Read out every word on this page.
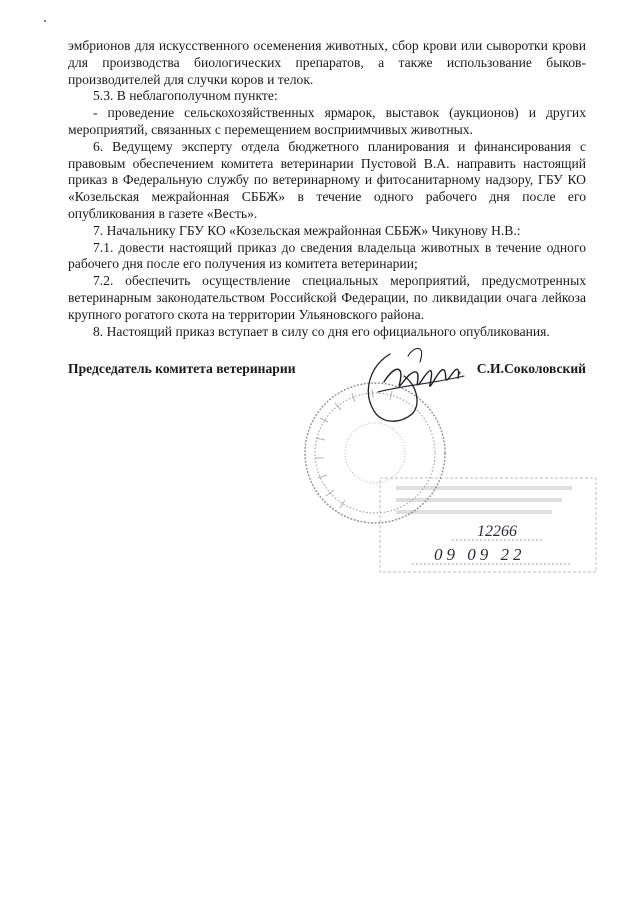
эмбрионов для искусственного осеменения животных, сбор крови или сыворотки крови для производства биологических препаратов, а также использование быков-производителей для случки коров и телок.

5.3. В неблагополучном пункте:

- проведение сельскохозяйственных ярмарок, выставок (аукционов) и других мероприятий, связанных с перемещением восприимчивых животных.

6. Ведущему эксперту отдела бюджетного планирования и финансирования с правовым обеспечением комитета ветеринарии Пустовой В.А. направить настоящий приказ в Федеральную службу по ветеринарному и фитосанитарному надзору, ГБУ КО «Козельская межрайонная СББЖ» в течение одного рабочего дня после его опубликования в газете «Весть».

7. Начальнику ГБУ КО «Козельская межрайонная СББЖ» Чикунову Н.В.:

7.1. довести настоящий приказ до сведения владельца животных в течение одного рабочего дня после его получения из комитета ветеринарии;

7.2. обеспечить осуществление специальных мероприятий, предусмотренных ветеринарным законодательством Российской Федерации, по ликвидации очага лейкоза крупного рогатого скота на территории Ульяновского района.

8. Настоящий приказ вступает в силу со дня его официального опубликования.

Председатель комитета ветеринарии	, С.И.Соколовский
12266
09 09 22
